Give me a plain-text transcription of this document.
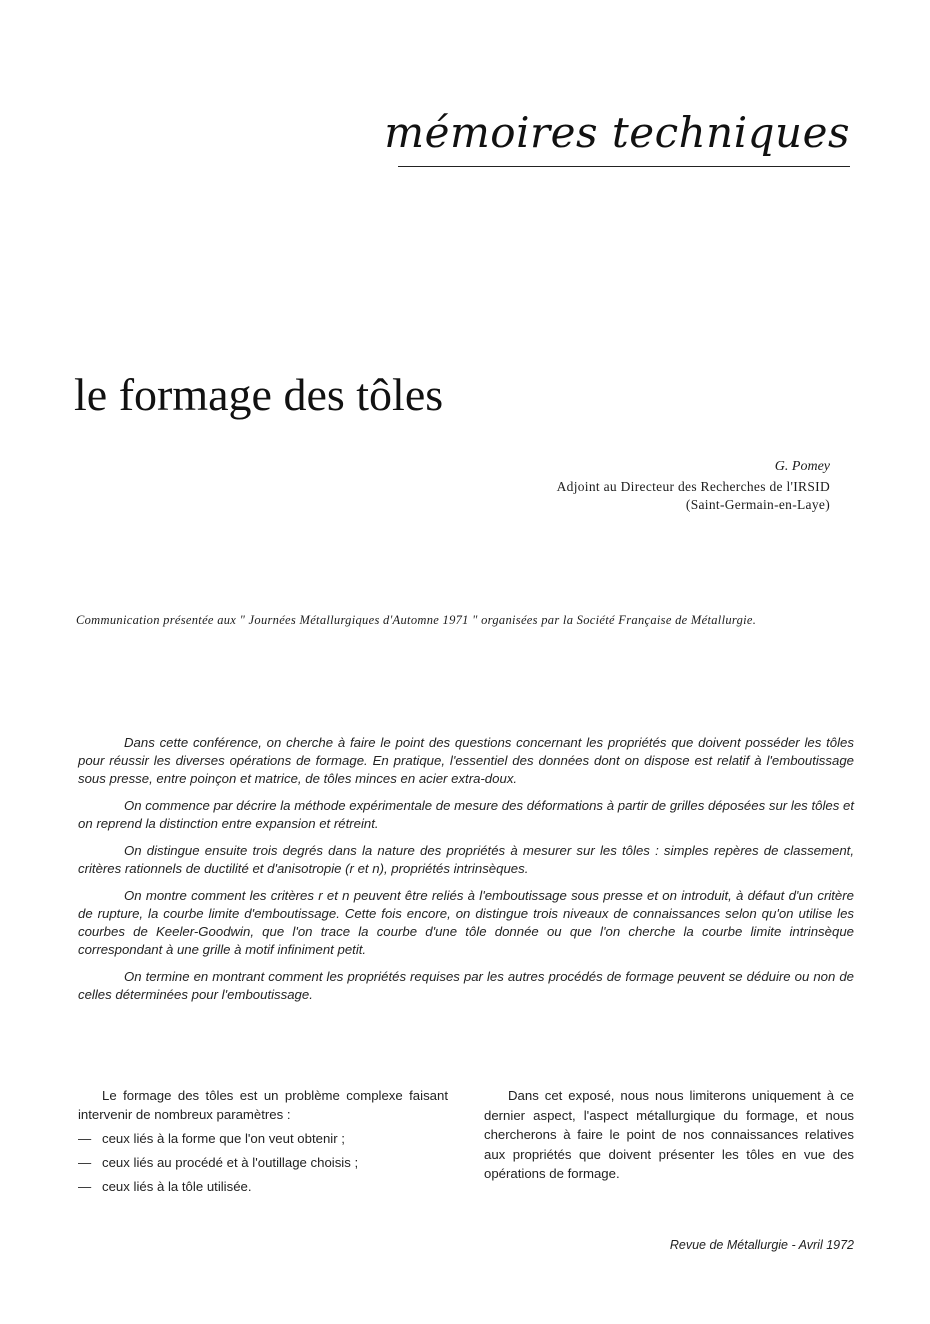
mémoires techniques
le formage des tôles
G. Pomey
Adjoint au Directeur des Recherches de l'IRSID
(Saint-Germain-en-Laye)
Communication présentée aux " Journées Métallurgiques d'Automne 1971 " organisées par la Société Française de Métallurgie.

Dans cette conférence, on cherche à faire le point des questions concernant les propriétés que doivent posséder les tôles pour réussir les diverses opérations de formage. En pratique, l'essentiel des données dont on dispose est relatif à l'emboutissage sous presse, entre poinçon et matrice, de tôles minces en acier extra-doux.

On commence par décrire la méthode expérimentale de mesure des déformations à partir de grilles déposées sur les tôles et on reprend la distinction entre expansion et rétreint.

On distingue ensuite trois degrés dans la nature des propriétés à mesurer sur les tôles : simples repères de classement, critères rationnels de ductilité et d'anisotropie (r et n), propriétés intrinsèques.

On montre comment les critères r et n peuvent être reliés à l'emboutissage sous presse et on introduit, à défaut d'un critère de rupture, la courbe limite d'emboutissage. Cette fois encore, on distingue trois niveaux de connaissances selon qu'on utilise les courbes de Keeler-Goodwin, que l'on trace la courbe d'une tôle donnée ou que l'on cherche la courbe limite intrinsèque correspondant à une grille à motif infiniment petit.

On termine en montrant comment les propriétés requises par les autres procédés de formage peuvent se déduire ou non de celles déterminées pour l'emboutissage.

Le formage des tôles est un problème complexe faisant intervenir de nombreux paramètres :

— ceux liés à la forme que l'on veut obtenir ;
— ceux liés au procédé et à l'outillage choisis ;
— ceux liés à la tôle utilisée.

Dans cet exposé, nous nous limiterons uniquement à ce dernier aspect, l'aspect métallurgique du formage, et nous chercherons à faire le point de nos connaissances relatives aux propriétés que doivent présenter les tôles en vue des opérations de formage.

Revue de Métallurgie - Avril 1972
